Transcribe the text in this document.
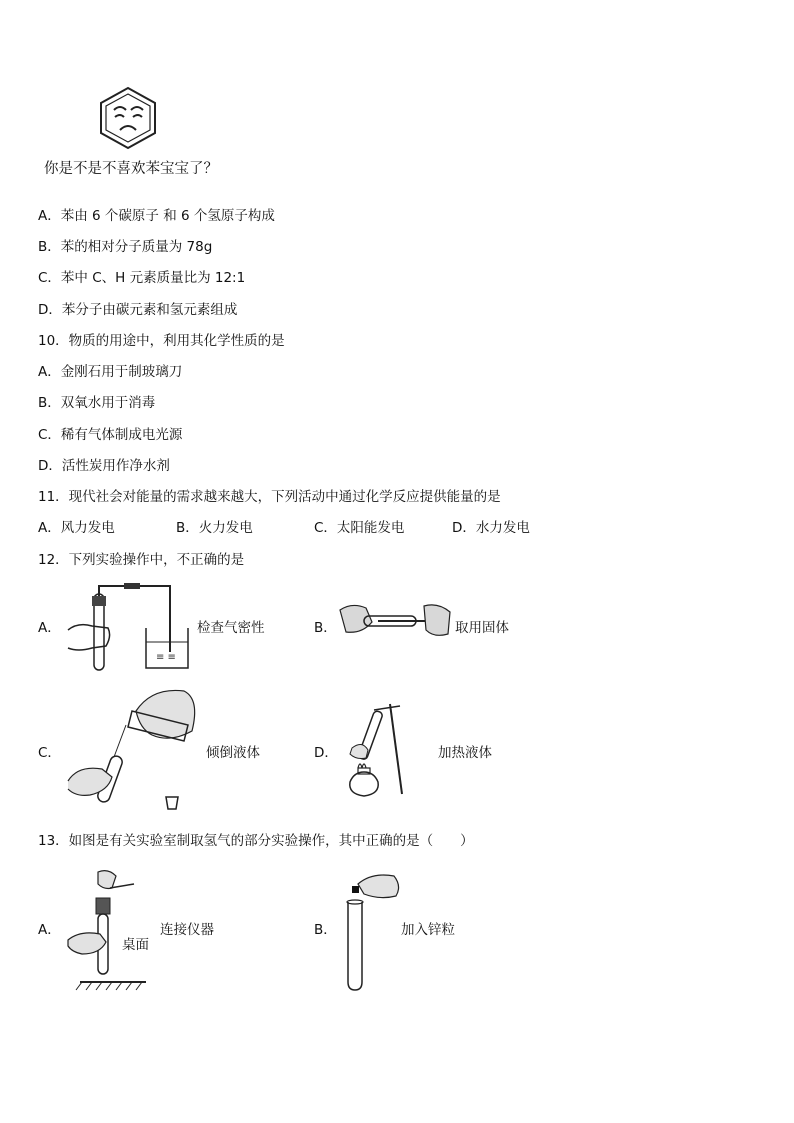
你是不是不喜欢苯宝宝了？
A．苯由 6 个碳原子 和 6 个氢原子构成
B．苯的相对分子质量为 78g
C．苯中 C、H 元素质量比为 12:1
D．苯分子由碳元素和氢元素组成
10．物质的用途中，利用其化学性质的是
A．金刚石用于制玻璃刀
B．双氧水用于消毒
C．稀有气体制成电光源
D．活性炭用作净水剂
11．现代社会对能量的需求越来越大，下列活动中通过化学反应提供能量的是
A．风力发电	B．火力发电	C．太阳能发电	D．水力发电
12．下列实验操作中，不正确的是
A．
≡ ≡
检查气密性	B．	取用固体
C．	倾倒液体	D．	加热液体
13．如图是有关实验室制取氢气的部分实验操作，其中正确的是（　　）
A．
桌面
连接仪器	B．	加入锌粒
